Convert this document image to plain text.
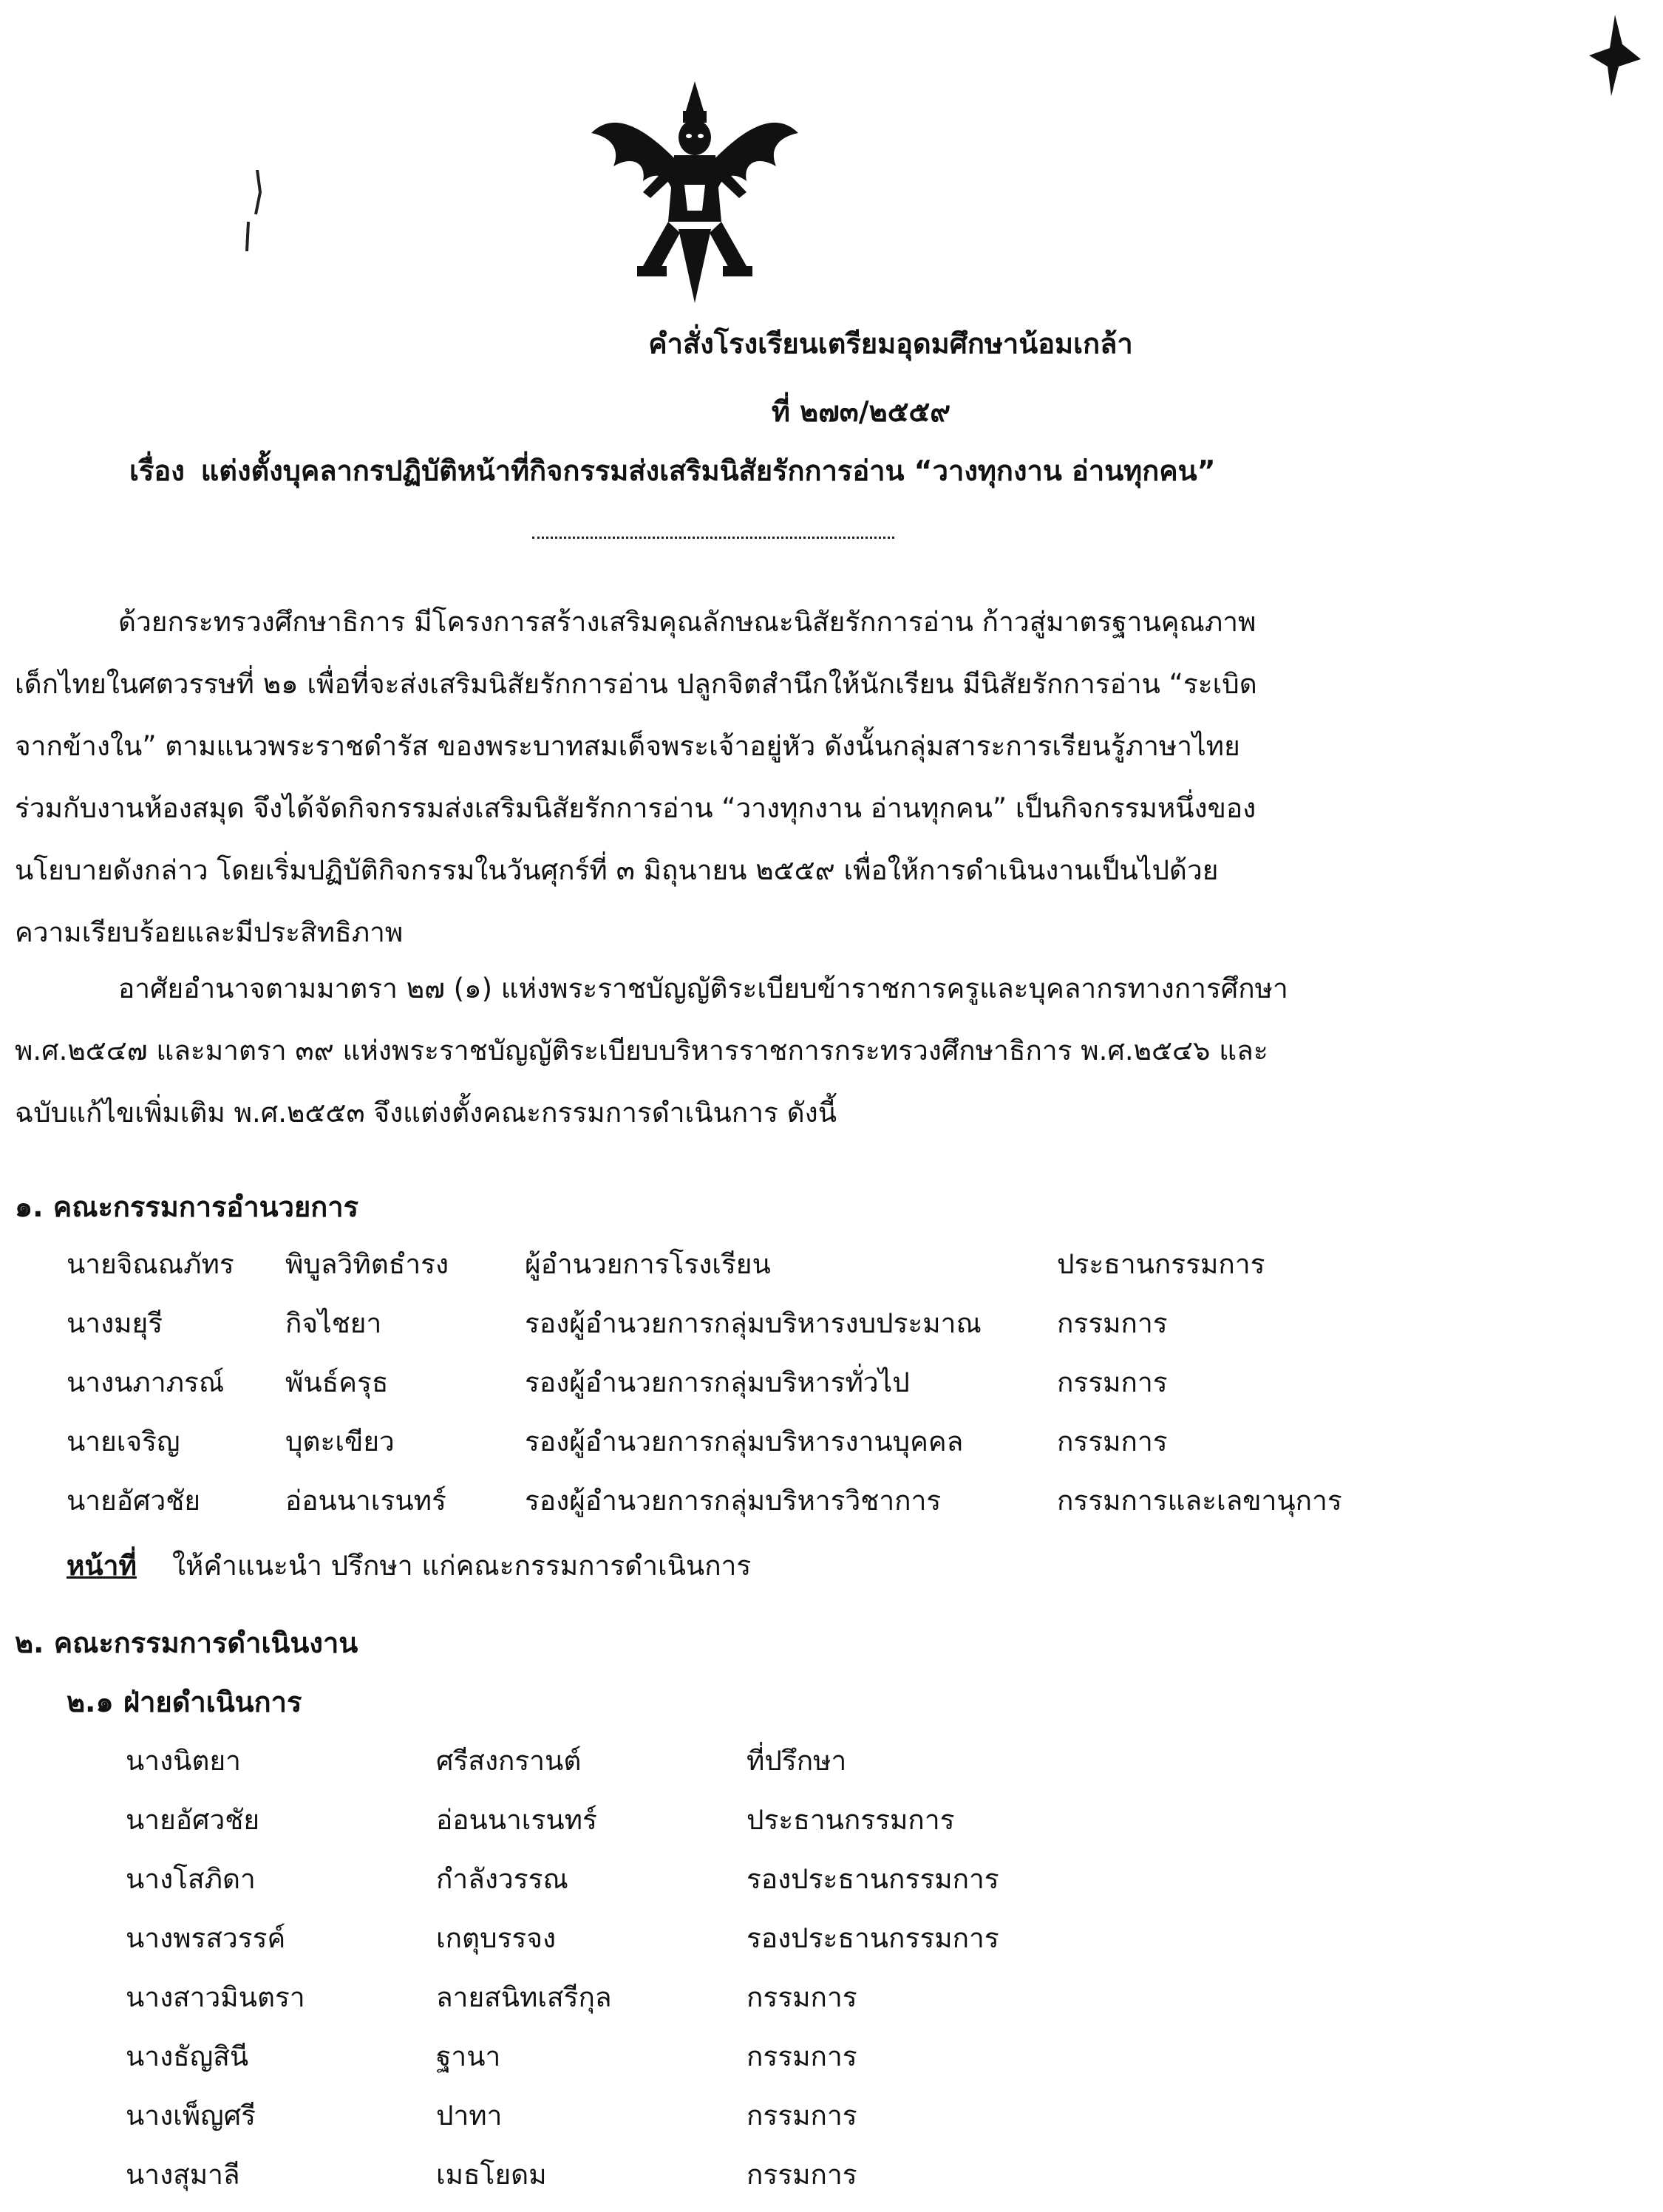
คำสั่งโรงเรียนเตรียมอุดมศึกษาน้อมเกล้า
ที่ ๒๗๓/๒๕๕๙
เรื่อง แต่งตั้งบุคลากรปฏิบัติหน้าที่กิจกรรมส่งเสริมนิสัยรักการอ่าน “วางทุกงาน อ่านทุกคน”
ด้วยกระทรวงศึกษาธิการ มีโครงการสร้างเสริมคุณลักษณะนิสัยรักการอ่าน ก้าวสู่มาตรฐานคุณภาพ
เด็กไทยในศตวรรษที่ ๒๑ เพื่อที่จะส่งเสริมนิสัยรักการอ่าน ปลูกจิตสำนึกให้นักเรียน มีนิสัยรักการอ่าน “ระเบิด
จากข้างใน” ตามแนวพระราชดำรัส ของพระบาทสมเด็จพระเจ้าอยู่หัว ดังนั้นกลุ่มสาระการเรียนรู้ภาษาไทย
ร่วมกับงานห้องสมุด จึงได้จัดกิจกรรมส่งเสริมนิสัยรักการอ่าน “วางทุกงาน อ่านทุกคน” เป็นกิจกรรมหนึ่งของ
นโยบายดังกล่าว โดยเริ่มปฏิบัติกิจกรรมในวันศุกร์ที่ ๓ มิถุนายน ๒๕๕๙ เพื่อให้การดำเนินงานเป็นไปด้วย
ความเรียบร้อยและมีประสิทธิภาพ
อาศัยอำนาจตามมาตรา ๒๗ (๑) แห่งพระราชบัญญัติระเบียบข้าราชการครูและบุคลากรทางการศึกษา
พ.ศ.๒๕๔๗ และมาตรา ๓๙ แห่งพระราชบัญญัติระเบียบบริหารราชการกระทรวงศึกษาธิการ พ.ศ.๒๕๔๖ และ
ฉบับแก้ไขเพิ่มเติม พ.ศ.๒๕๕๓ จึงแต่งตั้งคณะกรรมการดำเนินการ ดังนี้
๑. คณะกรรมการอำนวยการ
นายจิณณภัทร พิบูลวิทิตธำรง	ผู้อำนวยการโรงเรียน	ประธานกรรมการ
นางมยุรี	กิจไชยา	รองผู้อำนวยการกลุ่มบริหารงบประมาณ	กรรมการ
นางนภาภรณ์ พันธ์ครุธ	รองผู้อำนวยการกลุ่มบริหารทั่วไป	กรรมการ
นายเจริญ	บุตะเขียว	รองผู้อำนวยการกลุ่มบริหารงานบุคคล	กรรมการ
นายอัศวชัย	อ่อนนาเรนทร์	รองผู้อำนวยการกลุ่มบริหารวิชาการ	กรรมการและเลขานุการ
หน้าที่ ให้คำแนะนำ ปรึกษา แก่คณะกรรมการดำเนินการ
๒. คณะกรรมการดำเนินงาน
๒.๑ ฝ่ายดำเนินการ
นางนิตยา	ศรีสงกรานต์	ที่ปรึกษา
นายอัศวชัย	อ่อนนาเรนทร์	ประธานกรรมการ
นางโสภิดา	กำลังวรรณ	รองประธานกรรมการ
นางพรสวรรค์	เกตุบรรจง	รองประธานกรรมการ
นางสาวมินตรา	ลายสนิทเสรีกุล	กรรมการ
นางธัญสินี	ฐานา	กรรมการ
นางเพ็ญศรี	ปาทา	กรรมการ
นางสุมาลี	เมธโยดม	กรรมการ
